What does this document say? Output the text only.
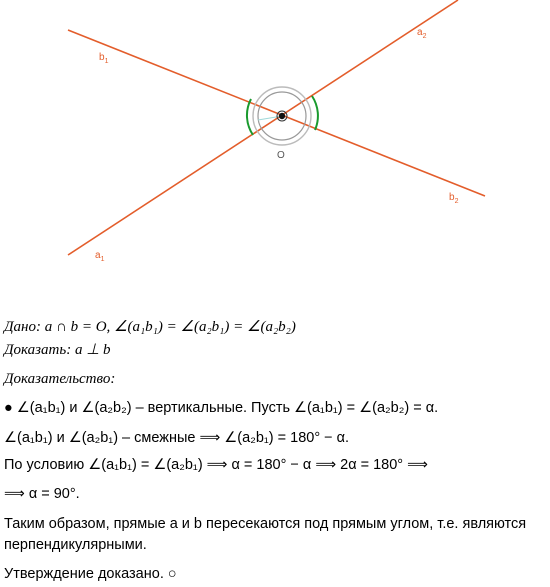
$b_1$
$a_2$
$a_1$
$b_2$
O
Дано: a ∩ b = O, ∠(a₁b₁) = ∠(a₂b₁) = ∠(a₂b₂)
Доказать: a ⊥ b
Доказательство:
● ∠(a₁b₁) и ∠(a₂b₂) – вертикальные. Пусть ∠(a₁b₁) = ∠(a₂b₂) = α.
∠(a₁b₁) и ∠(a₂b₁) – смежные ⟹ ∠(a₂b₁) = 180° − α.
По условию ∠(a₁b₁) = ∠(a₂b₁) ⟹ α = 180° − α ⟹ 2α = 180° ⟹
⟹ α = 90°.
Таким образом, прямые a и b пересекаются под прямым углом, т.е. являются
перпендикулярными.
Утверждение доказано. ○
